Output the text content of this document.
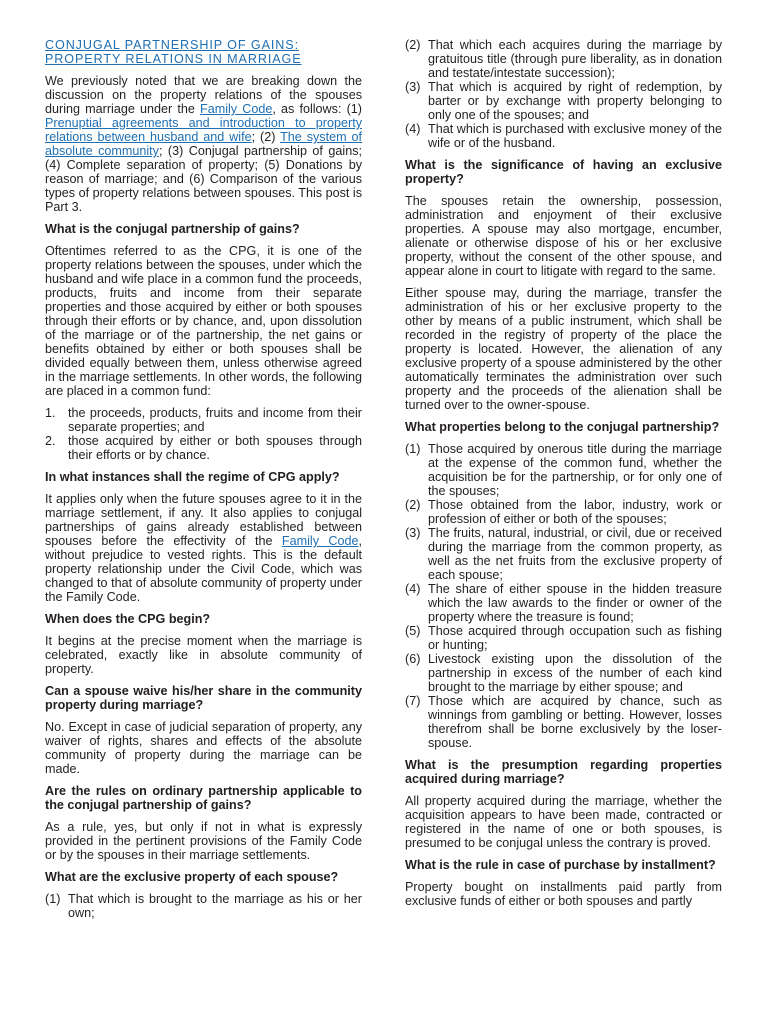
CONJUGAL PARTNERSHIP OF GAINS:
PROPERTY RELATIONS IN MARRIAGE

We previously noted that we are breaking down the discussion on the property relations of the spouses during marriage under the Family Code, as follows: (1) Prenuptial agreements and introduction to property relations between husband and wife; (2) The system of absolute community; (3) Conjugal partnership of gains; (4) Complete separation of property; (5) Donations by reason of marriage; and (6) Comparison of the various types of property relations between spouses. This post is Part 3.

What is the conjugal partnership of gains?

Oftentimes referred to as the CPG, it is one of the property relations between the spouses, under which the husband and wife place in a common fund the proceeds, products, fruits and income from their separate properties and those acquired by either or both spouses through their efforts or by chance, and, upon dissolution of the marriage or of the partnership, the net gains or benefits obtained by either or both spouses shall be divided equally between them, unless otherwise agreed in the marriage settlements. In other words, the following are placed in a common fund:

1. the proceeds, products, fruits and income from their separate properties; and
2. those acquired by either or both spouses through their efforts or by chance.

In what instances shall the regime of CPG apply?

It applies only when the future spouses agree to it in the marriage settlement, if any. It also applies to conjugal partnerships of gains already established between spouses before the effectivity of the Family Code, without prejudice to vested rights. This is the default property relationship under the Civil Code, which was changed to that of absolute community of property under the Family Code.

When does the CPG begin?

It begins at the precise moment when the marriage is celebrated, exactly like in absolute community of property.

Can a spouse waive his/her share in the community property during marriage?

No. Except in case of judicial separation of property, any waiver of rights, shares and effects of the absolute community of property during the marriage can be made.

Are the rules on ordinary partnership applicable to the conjugal partnership of gains?

As a rule, yes, but only if not in what is expressly provided in the pertinent provisions of the Family Code or by the spouses in their marriage settlements.

What are the exclusive property of each spouse?

(1) That which is brought to the marriage as his or her own;
(2) That which each acquires during the marriage by gratuitous title (through pure liberality, as in donation and testate/intestate succession);
(3) That which is acquired by right of redemption, by barter or by exchange with property belonging to only one of the spouses; and
(4) That which is purchased with exclusive money of the wife or of the husband.

What is the significance of having an exclusive property?

The spouses retain the ownership, possession, administration and enjoyment of their exclusive properties. A spouse may also mortgage, encumber, alienate or otherwise dispose of his or her exclusive property, without the consent of the other spouse, and appear alone in court to litigate with regard to the same.

Either spouse may, during the marriage, transfer the administration of his or her exclusive property to the other by means of a public instrument, which shall be recorded in the registry of property of the place the property is located. However, the alienation of any exclusive property of a spouse administered by the other automatically terminates the administration over such property and the proceeds of the alienation shall be turned over to the owner-spouse.

What properties belong to the conjugal partnership?

(1) Those acquired by onerous title during the marriage at the expense of the common fund, whether the acquisition be for the partnership, or for only one of the spouses;
(2) Those obtained from the labor, industry, work or profession of either or both of the spouses;
(3) The fruits, natural, industrial, or civil, due or received during the marriage from the common property, as well as the net fruits from the exclusive property of each spouse;
(4) The share of either spouse in the hidden treasure which the law awards to the finder or owner of the property where the treasure is found;
(5) Those acquired through occupation such as fishing or hunting;
(6) Livestock existing upon the dissolution of the partnership in excess of the number of each kind brought to the marriage by either spouse; and
(7) Those which are acquired by chance, such as winnings from gambling or betting. However, losses therefrom shall be borne exclusively by the loser-spouse.

What is the presumption regarding properties acquired during marriage?

All property acquired during the marriage, whether the acquisition appears to have been made, contracted or registered in the name of one or both spouses, is presumed to be conjugal unless the contrary is proved.

What is the rule in case of purchase by installment?

Property bought on installments paid partly from exclusive funds of either or both spouses and partly
